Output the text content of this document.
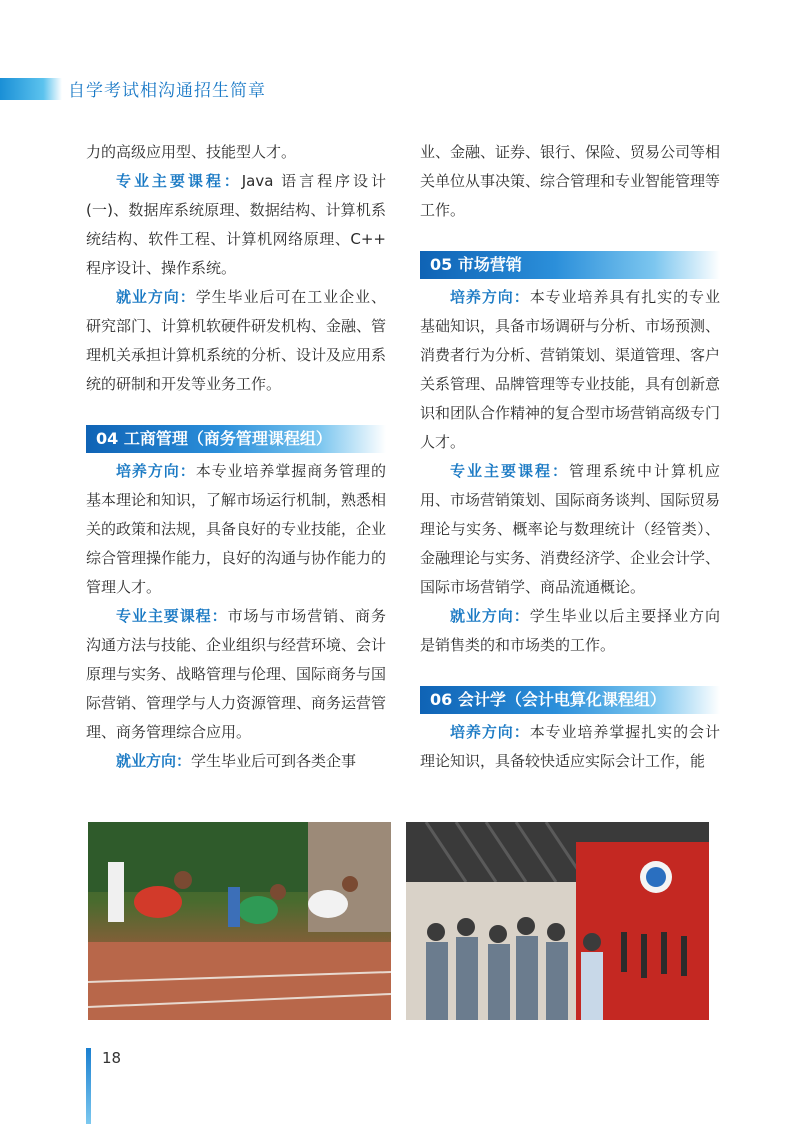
自学考试相沟通招生简章

力的高级应用型、技能型人才。

专业主要课程：Java 语言程序设计(一)、数据库系统原理、数据结构、计算机系统结构、软件工程、计算机网络原理、C++ 程序设计、操作系统。

就业方向：学生毕业后可在工业企业、研究部门、计算机软硬件研发机构、金融、管理机关承担计算机系统的分析、设计及应用系统的研制和开发等业务工作。

04 工商管理（商务管理课程组）

培养方向：本专业培养掌握商务管理的基本理论和知识，了解市场运行机制，熟悉相关的政策和法规，具备良好的专业技能，企业综合管理操作能力，良好的沟通与协作能力的管理人才。

专业主要课程：市场与市场营销、商务沟通方法与技能、企业组织与经营环境、会计原理与实务、战略管理与伦理、国际商务与国际营销、管理学与人力资源管理、商务运营管理、商务管理综合应用。

就业方向：学生毕业后可到各类企事

业、金融、证券、银行、保险、贸易公司等相关单位从事决策、综合管理和专业智能管理等工作。

05 市场营销

培养方向：本专业培养具有扎实的专业基础知识，具备市场调研与分析、市场预测、消费者行为分析、营销策划、渠道管理、客户关系管理、品牌管理等专业技能，具有创新意识和团队合作精神的复合型市场营销高级专门人才。

专业主要课程：管理系统中计算机应用、市场营销策划、国际商务谈判、国际贸易理论与实务、概率论与数理统计（经管类）、金融理论与实务、消费经济学、企业会计学、国际市场营销学、商品流通概论。

就业方向：学生毕业以后主要择业方向是销售类的和市场类的工作。

06 会计学（会计电算化课程组）

培养方向：本专业培养掌握扎实的会计理论知识，具备较快适应实际会计工作，能

18
